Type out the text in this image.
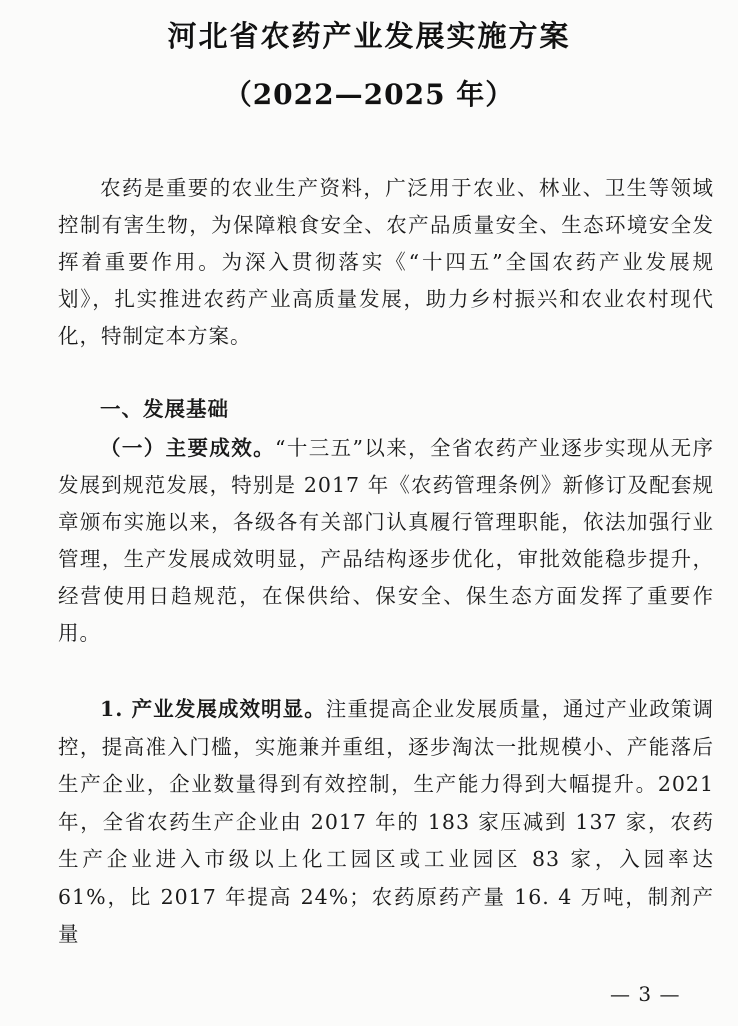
河北省农药产业发展实施方案
（2022—2025 年）

农药是重要的农业生产资料，广泛用于农业、林业、卫生等领域控制有害生物，为保障粮食安全、农产品质量安全、生态环境安全发挥着重要作用。为深入贯彻落实《“十四五”全国农药产业发展规划》，扎实推进农药产业高质量发展，助力乡村振兴和农业农村现代化，特制定本方案。

一、发展基础

（一）主要成效。“十三五”以来，全省农药产业逐步实现从无序发展到规范发展，特别是 2017 年《农药管理条例》新修订及配套规章颁布实施以来，各级各有关部门认真履行管理职能，依法加强行业管理，生产发展成效明显，产品结构逐步优化，审批效能稳步提升，经营使用日趋规范，在保供给、保安全、保生态方面发挥了重要作用。

1. 产业发展成效明显。注重提高企业发展质量，通过产业政策调控，提高准入门槛，实施兼并重组，逐步淘汰一批规模小、产能落后生产企业，企业数量得到有效控制，生产能力得到大幅提升。2021 年，全省农药生产企业由 2017 年的 183 家压减到 137 家，农药生产企业进入市级以上化工园区或工业园区 83 家，入园率达 61%，比 2017 年提高 24%；农药原药产量 16. 4 万吨，制剂产量

— 3 —
